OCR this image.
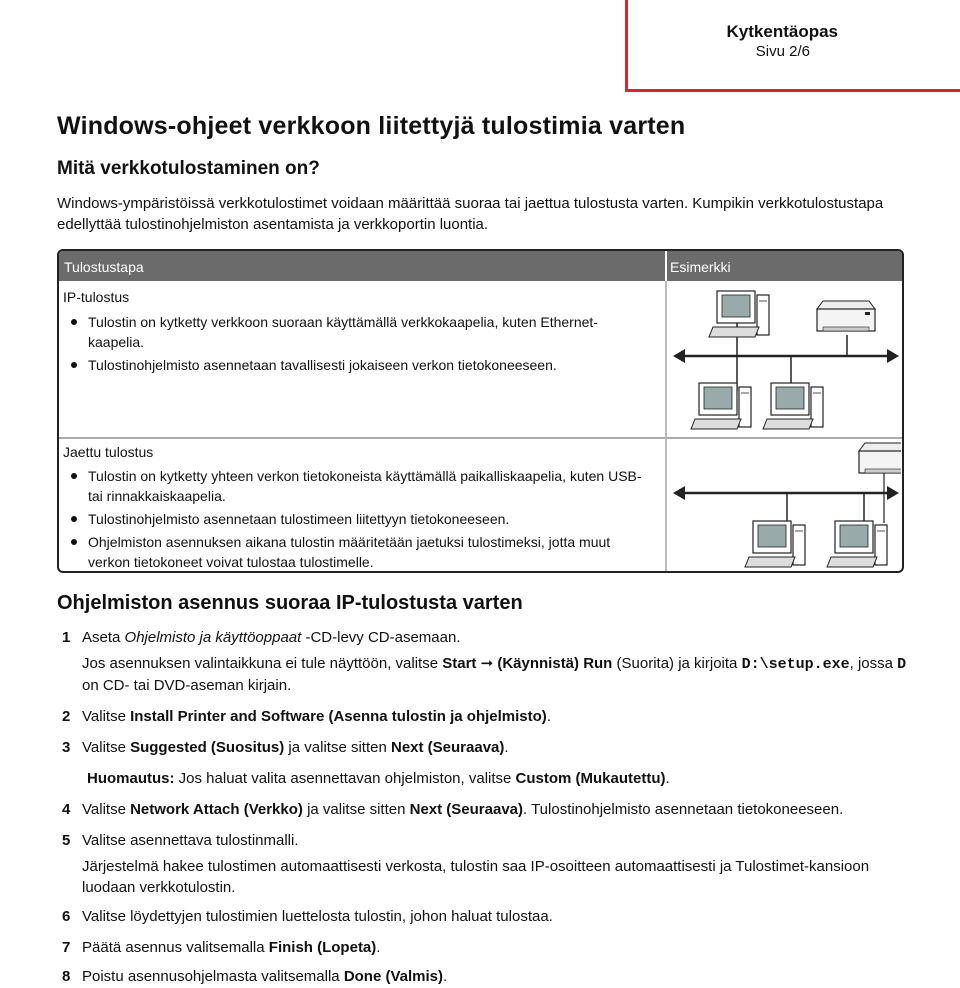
Kytkentäopas
Sivu 2/6
Windows-ohjeet verkkoon liitettyjä tulostimia varten
Mitä verkkotulostaminen on?
Windows-ympäristöissä verkkotulostimet voidaan määrittää suoraa tai jaettua tulostusta varten. Kumpikin verkkotulostustapa edellyttää tulostinohjelmiston asentamista ja verkkoportin luontia.
Tulostustapa	Esimerkki
IP-tulostus
Tulostin on kytketty verkkoon suoraan käyttämällä verkkokaapelia, kuten Ethernet-kaapelia.
Tulostinohjelmisto asennetaan tavallisesti jokaiseen verkon tietokoneeseen.
Jaettu tulostus
Tulostin on kytketty yhteen verkon tietokoneista käyttämällä paikalliskaapelia, kuten USB-tai rinnakkaiskaapelia.
Tulostinohjelmisto asennetaan tulostimeen liitettyyn tietokoneeseen.
Ohjelmiston asennuksen aikana tulostin määritetään jaetuksi tulostimeksi, jotta muut verkon tietokoneet voivat tulostaa tulostimelle.
Ohjelmiston asennus suoraa IP-tulostusta varten
1 Aseta Ohjelmisto ja käyttöoppaat -CD-levy CD-asemaan.
Jos asennuksen valintaikkuna ei tule näyttöön, valitse Start ➞ (Käynnistä) Run (Suorita) ja kirjoita D:\setup.exe, jossa D on CD- tai DVD-aseman kirjain.
2 Valitse Install Printer and Software (Asenna tulostin ja ohjelmisto).
3 Valitse Suggested (Suositus) ja valitse sitten Next (Seuraava).
Huomautus: Jos haluat valita asennettavan ohjelmiston, valitse Custom (Mukautettu).
4 Valitse Network Attach (Verkko) ja valitse sitten Next (Seuraava). Tulostinohjelmisto asennetaan tietokoneeseen.
5 Valitse asennettava tulostinmalli.
Järjestelmä hakee tulostimen automaattisesti verkosta, tulostin saa IP-osoitteen automaattisesti ja Tulostimet-kansioon luodaan verkkotulostin.
6 Valitse löydettyjen tulostimien luettelosta tulostin, johon haluat tulostaa.
7 Päätä asennus valitsemalla Finish (Lopeta).
8 Poistu asennusohjelmasta valitsemalla Done (Valmis).
